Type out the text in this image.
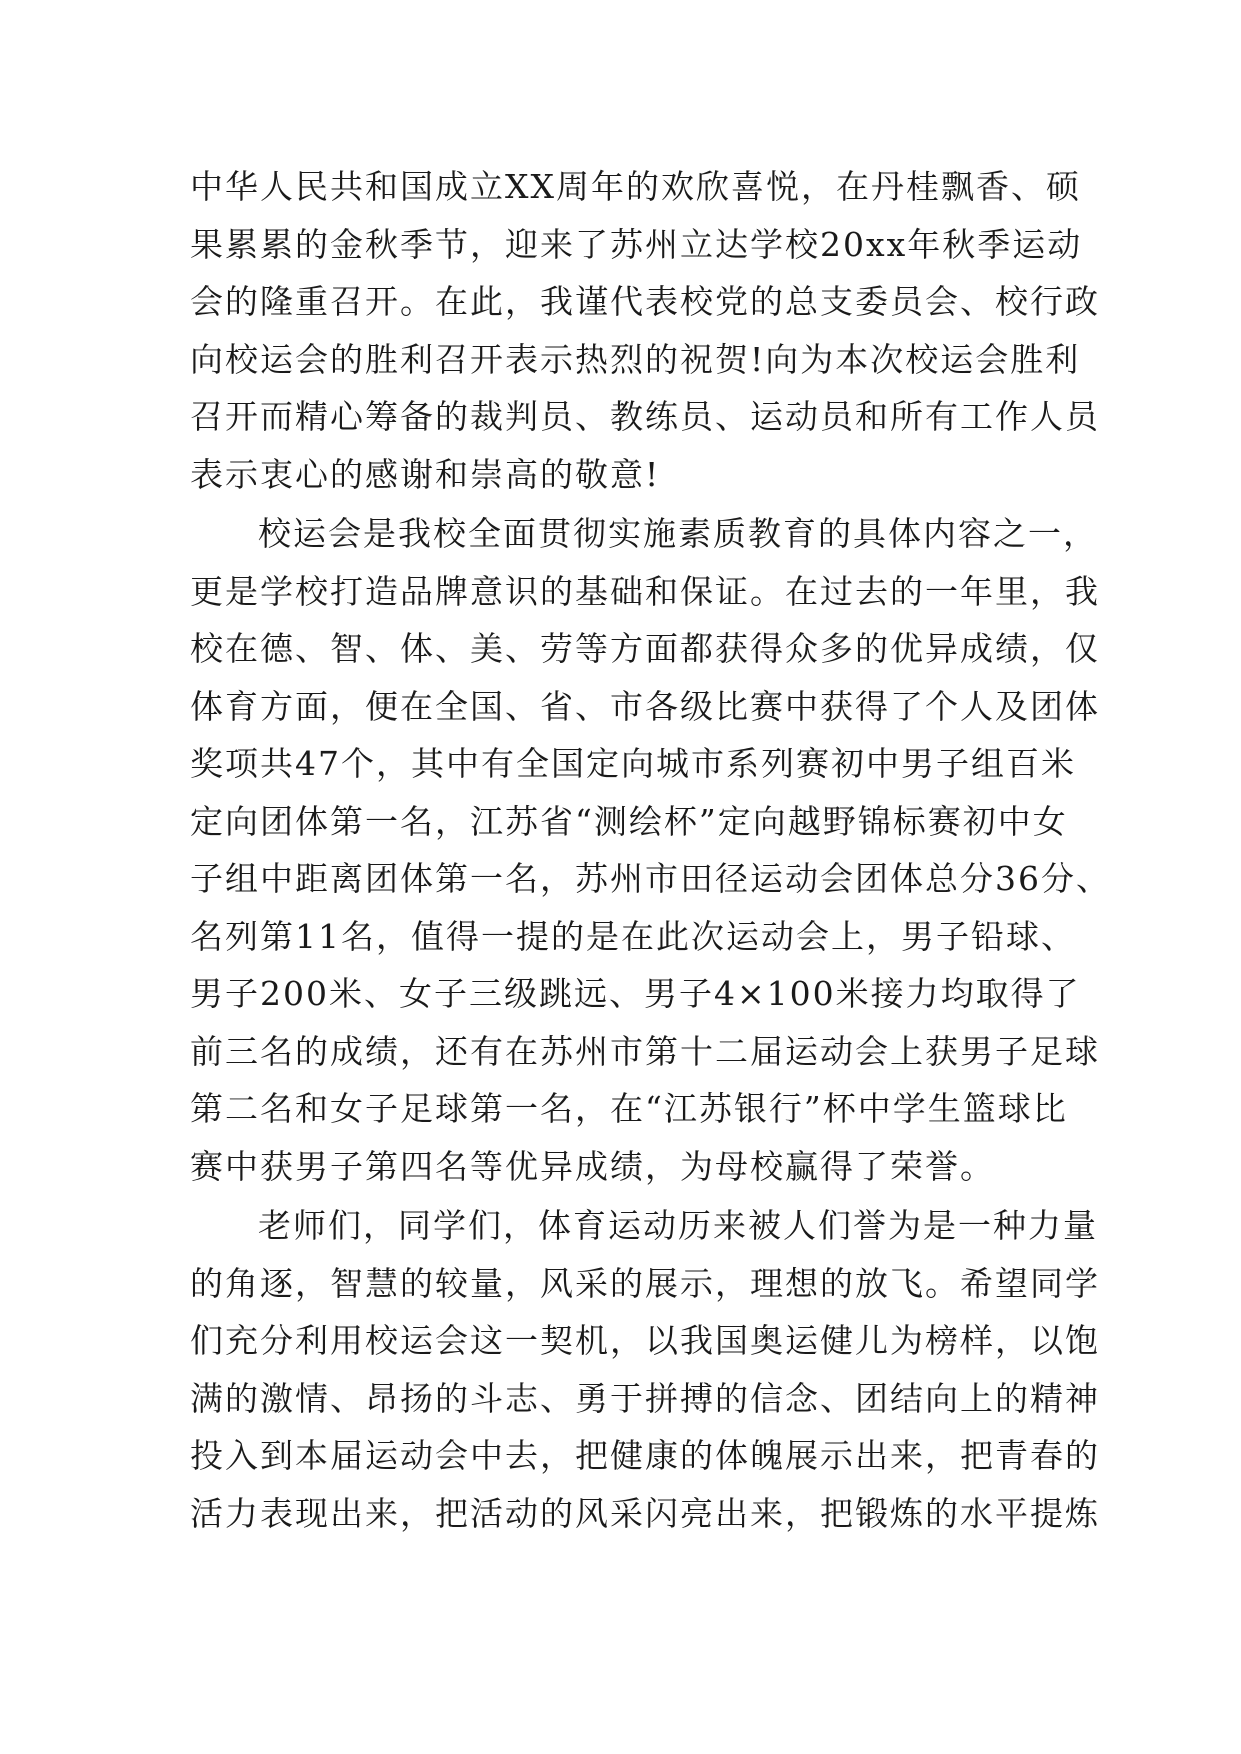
中华人民共和国成立XX周年的欢欣喜悦，在丹桂飘香、硕
果累累的金秋季节，迎来了苏州立达学校20xx年秋季运动
会的隆重召开。在此，我谨代表校党的总支委员会、校行政
向校运会的胜利召开表示热烈的祝贺!向为本次校运会胜利
召开而精心筹备的裁判员、教练员、运动员和所有工作人员
表示衷心的感谢和崇高的敬意!
校运会是我校全面贯彻实施素质教育的具体内容之一，
更是学校打造品牌意识的基础和保证。在过去的一年里，我
校在德、智、体、美、劳等方面都获得众多的优异成绩，仅
体育方面，便在全国、省、市各级比赛中获得了个人及团体
奖项共47个，其中有全国定向城市系列赛初中男子组百米
定向团体第一名，江苏省“测绘杯”定向越野锦标赛初中女
子组中距离团体第一名，苏州市田径运动会团体总分36分、
名列第11名，值得一提的是在此次运动会上，男子铅球、
男子200米、女子三级跳远、男子4×100米接力均取得了
前三名的成绩，还有在苏州市第十二届运动会上获男子足球
第二名和女子足球第一名，在“江苏银行”杯中学生篮球比
赛中获男子第四名等优异成绩，为母校赢得了荣誉。
老师们，同学们，体育运动历来被人们誉为是一种力量
的角逐，智慧的较量，风采的展示，理想的放飞。希望同学
们充分利用校运会这一契机，以我国奥运健儿为榜样，以饱
满的激情、昂扬的斗志、勇于拼搏的信念、团结向上的精神
投入到本届运动会中去，把健康的体魄展示出来，把青春的
活力表现出来，把活动的风采闪亮出来，把锻炼的水平提炼
